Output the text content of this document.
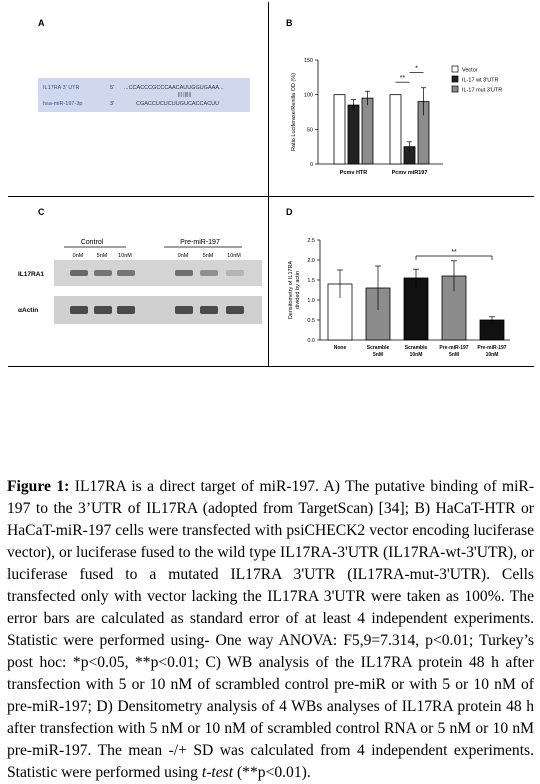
A	B
C	D
IL17RA 3' UTR	5' ...CCACCCGCCCAACAUUGGUGAAA...
||| ||||||
hsa-miR-197-3p	3'	CGACCUCUCUUGUCACCACUU
0
50
100
150
Ratio Luciferase/Renilla OD (%)
Pcmv HTR	Pcmv miR197
**
*	Vector
IL-17 wt 3'UTR
IL-17 mut 3'UTR
Control	Pre-miR-197
0nM 5nM 10nM	0nM	5nM	10nM
IL17RA1
αActin
0.0
0.5
1.0
1.5
2.0
2.5
Densitometry of IL17RA divided by actin
None	Scramble
5nM
Scramble
10nM
Pre-miR-197
5nM
Pre-miR-197
10nM
**
Figure 1: IL17RA is a direct target of miR-197. A) The putative binding of miR-197 to the 3’UTR of IL17RA (adopted from TargetScan) [34]; B) HaCaT-HTR or HaCaT-miR-197 cells were transfected with psiCHECK2 vector encoding luciferase vector), or luciferase fused to the wild type IL17RA-3'UTR (IL17RA-wt-3'UTR), or luciferase fused to a mutated IL17RA 3'UTR (IL17RA-mut-3'UTR). Cells transfected only with vector lacking the IL17RA 3'UTR were taken as 100%. The error bars are calculated as standard error of at least 4 independent experiments. Statistic were performed using- One way ANOVA: F5,9=7.314, p<0.01; Turkey’s post hoc: *p<0.05, **p<0.01; C) WB analysis of the IL17RA protein 48 h after transfection with 5 or 10 nM of scrambled control pre-miR or with 5 or 10 nM of pre-miR-197; D) Densitometry analysis of 4 WBs analyses of IL17RA protein 48 h after transfection with 5 nM or 10 nM of scrambled control RNA or 5 nM or 10 nM pre-miR-197. The mean -/+ SD was calculated from 4 independent experiments. Statistic were performed using t-test (**p<0.01).
